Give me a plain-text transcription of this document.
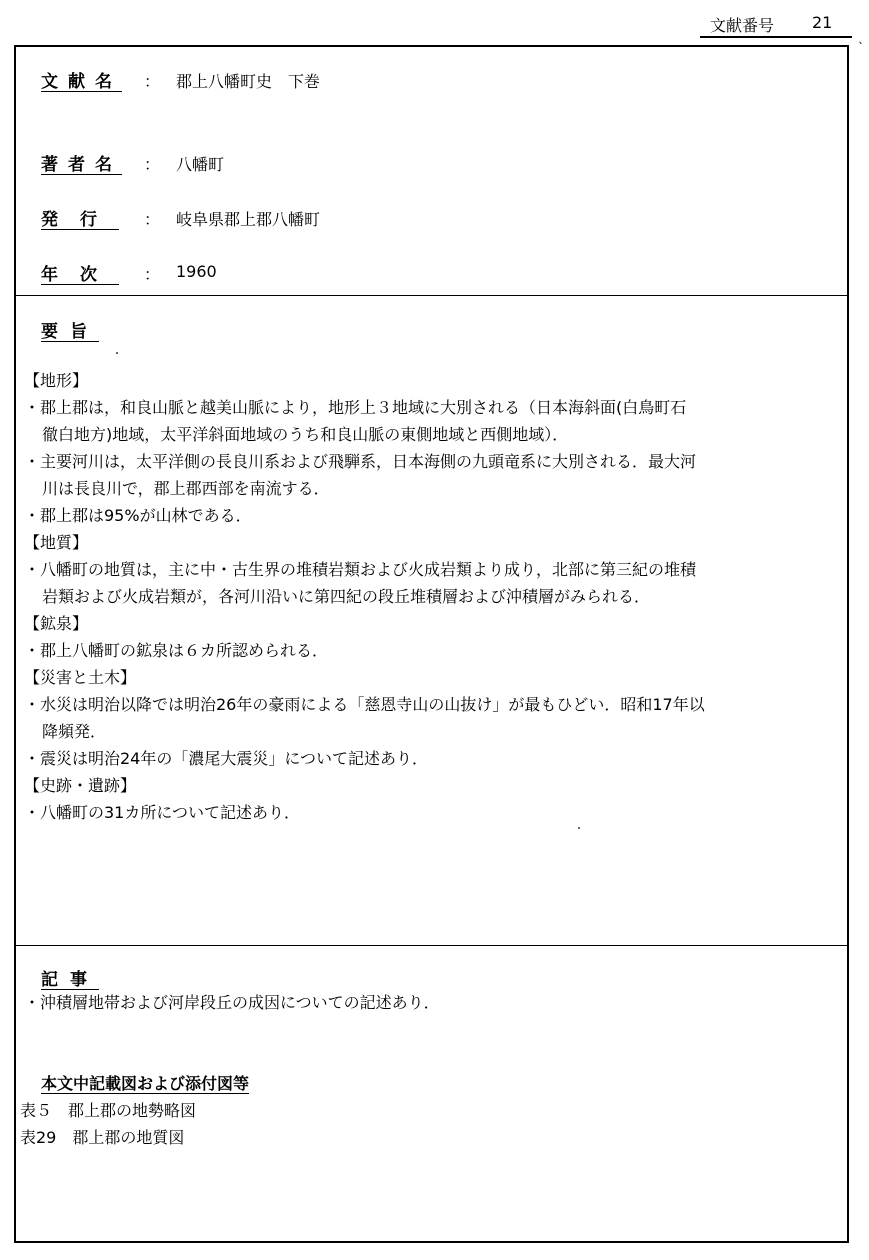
文献番号 21
ˎ
文献名 ： 郡上八幡町史　下巻
著者名 ： 八幡町
発行 ： 岐阜県郡上郡八幡町
年次 ： 1960
要旨
【地形】
・郡上郡は，和良山脈と越美山脈により，地形上３地域に大別される（日本海斜面(白鳥町石
徹白地方)地域，太平洋斜面地域のうち和良山脈の東側地域と西側地域）．
・主要河川は，太平洋側の長良川系および飛騨系，日本海側の九頭竜系に大別される．最大河
川は長良川で，郡上郡西部を南流する．
・郡上郡は95%が山林である．
【地質】
・八幡町の地質は，主に中・古生界の堆積岩類および火成岩類より成り，北部に第三紀の堆積
岩類および火成岩類が，各河川沿いに第四紀の段丘堆積層および沖積層がみられる．
【鉱泉】
・郡上八幡町の鉱泉は６カ所認められる．
【災害と土木】
・水災は明治以降では明治26年の豪雨による「慈恩寺山の山抜け」が最もひどい．昭和17年以
降頻発．
・震災は明治24年の「濃尾大震災」について記述あり．
【史跡・遺跡】
・八幡町の31カ所について記述あり．
記事
・沖積層地帯および河岸段丘の成因についての記述あり．
本文中記載図および添付図等
表５　郡上郡の地勢略図
表29　郡上郡の地質図
